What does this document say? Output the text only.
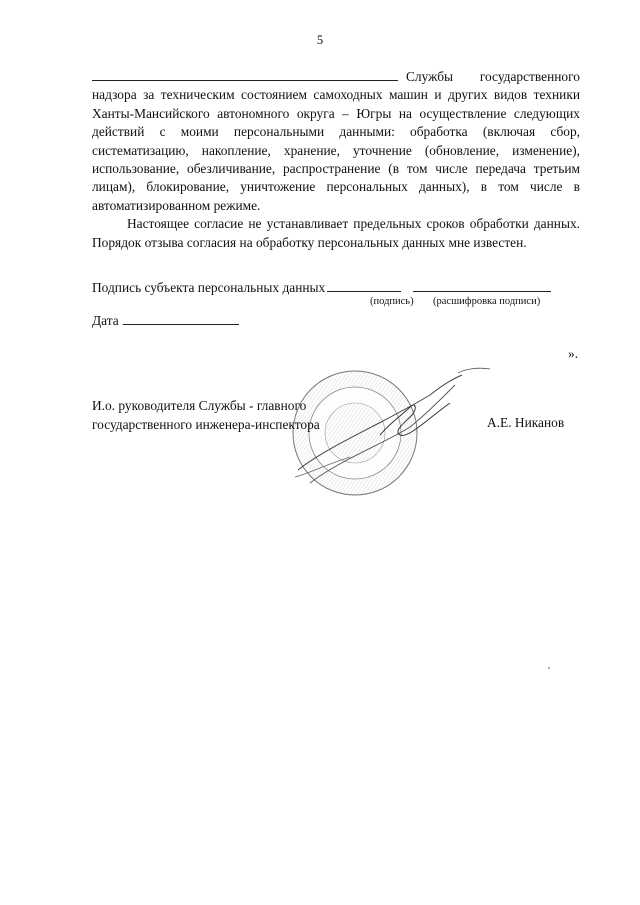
5

Службы государственного надзора за техническим состоянием самоходных машин и других видов техники Ханты-Мансийского автономного округа – Югры на осуществление следующих действий с моими персональными данными: обработка (включая сбор, систематизацию, накопление, хранение, уточнение (обновление, изменение), использование, обезличивание, распространение (в том числе передача третьим лицам), блокирование, уничтожение персональных данных), в том числе в автоматизированном режиме.

Настоящее согласие не устанавливает предельных сроков обработки данных. Порядок отзыва согласия на обработку персональных данных мне известен.

Подпись субъекта персональных данных
(подпись) (расшифровка подписи)
Дата
».
И.о. руководителя Службы - главного
государственного инженера-инспектора	А.Е. Никанов
